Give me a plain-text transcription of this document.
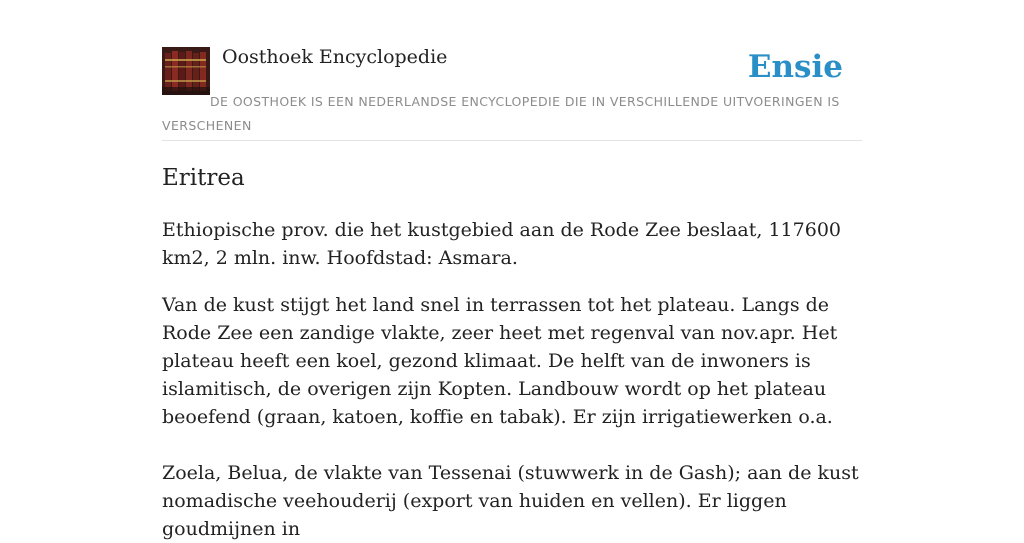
Oosthoek Encyclopedie	Ensie
DE OOSTHOEK IS EEN NEDERLANDSE ENCYCLOPEDIE DIE IN VERSCHILLENDE UITVOERINGEN IS VERSCHENEN
Eritrea

Ethiopische prov. die het kustgebied aan de Rode Zee beslaat, 117600 km2, 2 mln. inw. Hoofdstad: Asmara.

Van de kust stijgt het land snel in terrassen tot het plateau. Langs de Rode Zee een zandige vlakte, zeer heet met regenval van nov.apr. Het plateau heeft een koel, gezond klimaat. De helft van de inwoners is islamitisch, de overigen zijn Kopten. Landbouw wordt op het plateau beoefend (graan, katoen, koffie en tabak). Er zijn irrigatiewerken o.a.

Zoela, Belua, de vlakte van Tessenai (stuwwerk in de Gash); aan de kust nomadische veehouderij (export van huiden en vellen). Er liggen goudmijnen in
